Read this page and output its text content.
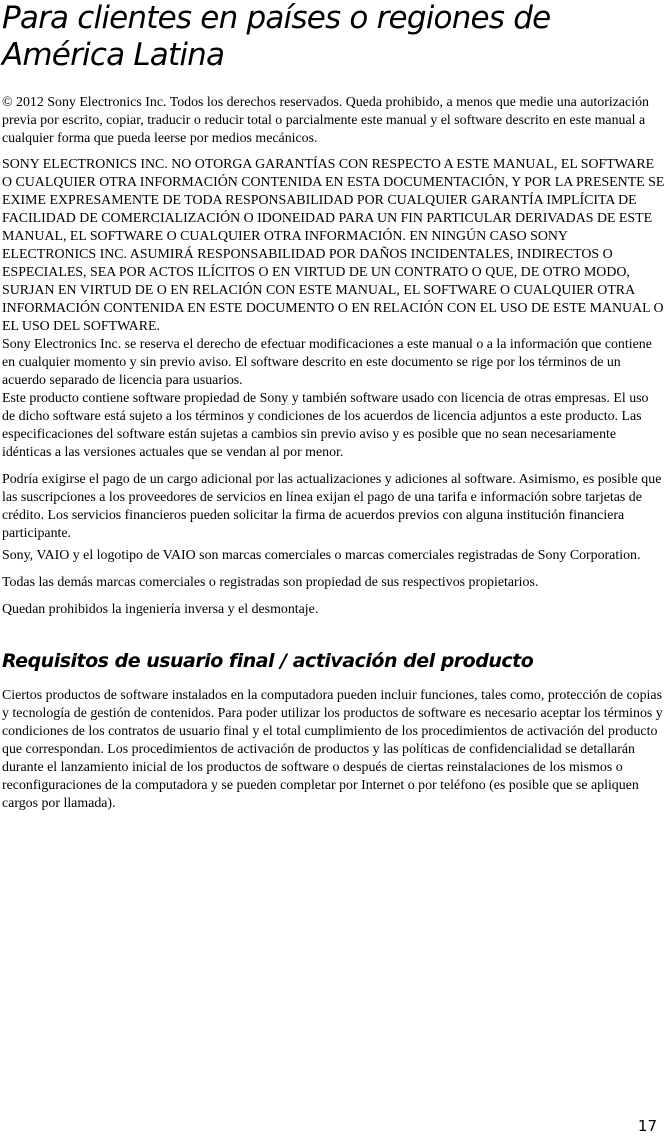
Para clientes en países o regiones de América Latina

© 2012 Sony Electronics Inc. Todos los derechos reservados. Queda prohibido, a menos que medie una autorización previa por escrito, copiar, traducir o reducir total o parcialmente este manual y el software descrito en este manual a cualquier forma que pueda leerse por medios mecánicos.

SONY ELECTRONICS INC. NO OTORGA GARANTÍAS CON RESPECTO A ESTE MANUAL, EL SOFTWARE O CUALQUIER OTRA INFORMACIÓN CONTENIDA EN ESTA DOCUMENTACIÓN, Y POR LA PRESENTE SE EXIME EXPRESAMENTE DE TODA RESPONSABILIDAD POR CUALQUIER GARANTÍA IMPLÍCITA DE FACILIDAD DE COMERCIALIZACIÓN O IDONEIDAD PARA UN FIN PARTICULAR DERIVADAS DE ESTE MANUAL, EL SOFTWARE O CUALQUIER OTRA INFORMACIÓN. EN NINGÚN CASO SONY ELECTRONICS INC. ASUMIRÁ RESPONSABILIDAD POR DAÑOS INCIDENTALES, INDIRECTOS O ESPECIALES, SEA POR ACTOS ILÍCITOS O EN VIRTUD DE UN CONTRATO O QUE, DE OTRO MODO, SURJAN EN VIRTUD DE O EN RELACIÓN CON ESTE MANUAL, EL SOFTWARE O CUALQUIER OTRA INFORMACIÓN CONTENIDA EN ESTE DOCUMENTO O EN RELACIÓN CON EL USO DE ESTE MANUAL O EL USO DEL SOFTWARE.

Sony Electronics Inc. se reserva el derecho de efectuar modificaciones a este manual o a la información que contiene en cualquier momento y sin previo aviso. El software descrito en este documento se rige por los términos de un acuerdo separado de licencia para usuarios.

Este producto contiene software propiedad de Sony y también software usado con licencia de otras empresas. El uso de dicho software está sujeto a los términos y condiciones de los acuerdos de licencia adjuntos a este producto. Las especificaciones del software están sujetas a cambios sin previo aviso y es posible que no sean necesariamente idénticas a las versiones actuales que se vendan al por menor.

Podría exigirse el pago de un cargo adicional por las actualizaciones y adiciones al software. Asimismo, es posible que las suscripciones a los proveedores de servicios en línea exijan el pago de una tarifa e información sobre tarjetas de crédito. Los servicios financieros pueden solicitar la firma de acuerdos previos con alguna institución financiera participante.

Sony, VAIO y el logotipo de VAIO son marcas comerciales o marcas comerciales registradas de Sony Corporation.

Todas las demás marcas comerciales o registradas son propiedad de sus respectivos propietarios.

Quedan prohibidos la ingeniería inversa y el desmontaje.

Requisitos de usuario final / activación del producto

Ciertos productos de software instalados en la computadora pueden incluir funciones, tales como, protección de copias y tecnología de gestión de contenidos. Para poder utilizar los productos de software es necesario aceptar los términos y condiciones de los contratos de usuario final y el total cumplimiento de los procedimientos de activación del producto que correspondan. Los procedimientos de activación de productos y las políticas de confidencialidad se detallarán durante el lanzamiento inicial de los productos de software o después de ciertas reinstalaciones de los mismos o reconfiguraciones de la computadora y se pueden completar por Internet o por teléfono (es posible que se apliquen cargos por llamada).

17
